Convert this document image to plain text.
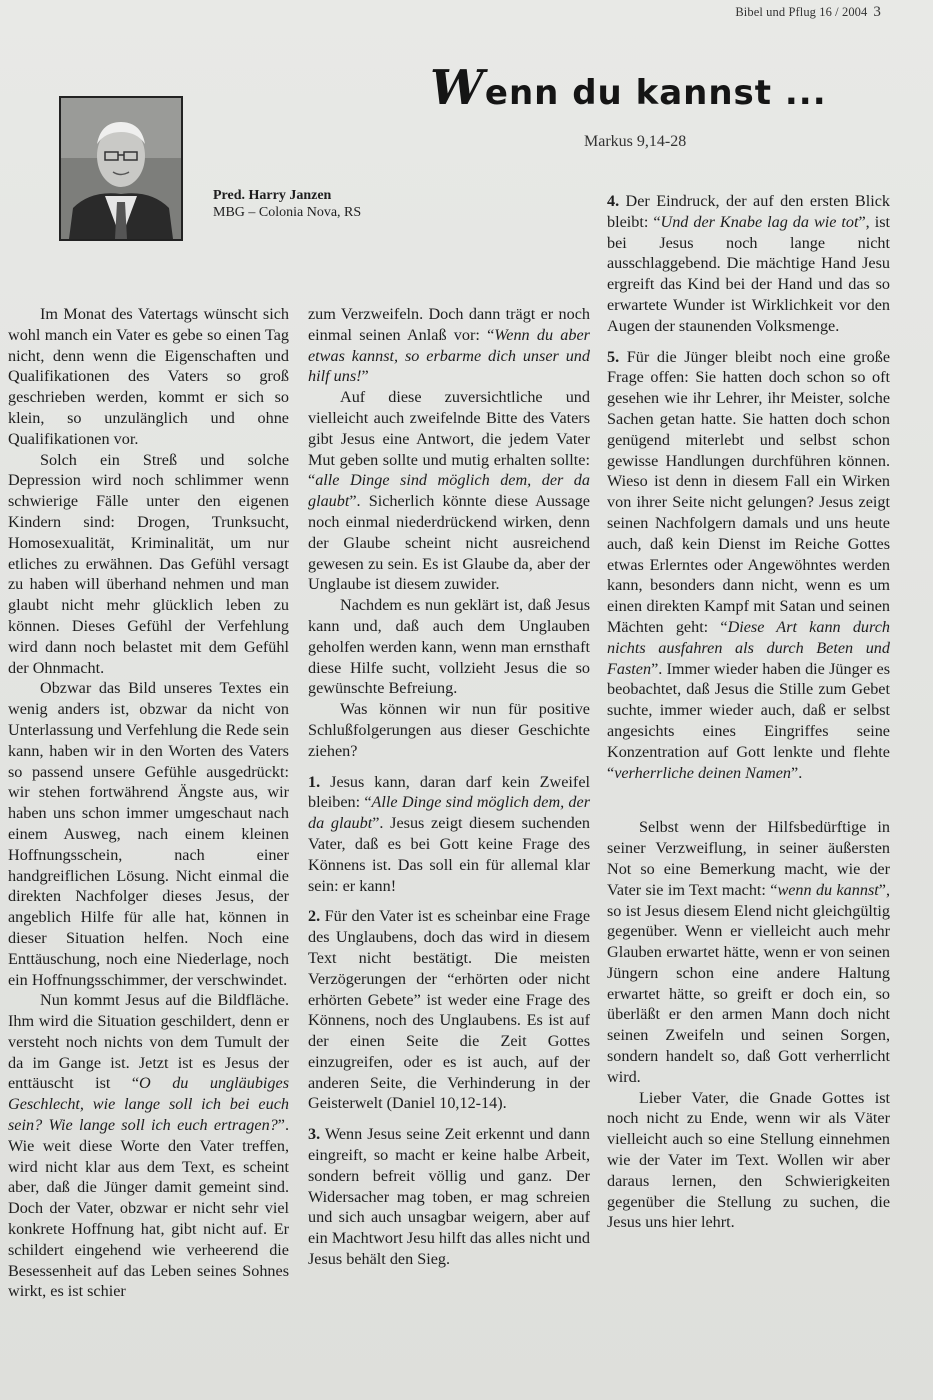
Bibel und Pflug 16 / 2004 3
Wenn du kannst ...
Markus 9,14-28
Pred. Harry Janzen
MBG – Colonia Nova, RS

Im Monat des Vatertags wünscht sich wohl manch ein Vater es gebe so einen Tag nicht, denn wenn die Eigenschaften und Qualifikationen des Vaters so groß geschrieben werden, kommt er sich so klein, so unzulänglich und ohne Qualifikationen vor.

Solch ein Streß und solche Depression wird noch schlimmer wenn schwierige Fälle unter den eigenen Kindern sind: Drogen, Trunksucht, Homosexualität, Kriminalität, um nur etliches zu erwähnen. Das Gefühl versagt zu haben will überhand nehmen und man glaubt nicht mehr glücklich leben zu können. Dieses Gefühl der Verfehlung wird dann noch belastet mit dem Gefühl der Ohnmacht.

Obzwar das Bild unseres Textes ein wenig anders ist, obzwar da nicht von Unterlassung und Verfehlung die Rede sein kann, haben wir in den Worten des Vaters so passend unsere Gefühle ausgedrückt: wir stehen fortwährend Ängste aus, wir haben uns schon immer umgeschaut nach einem Ausweg, nach einem kleinen Hoffnungsschein, nach einer handgreiflichen Lösung. Nicht einmal die direkten Nachfolger dieses Jesus, der angeblich Hilfe für alle hat, können in dieser Situation helfen. Noch eine Enttäuschung, noch eine Niederlage, noch ein Hoffnungsschimmer, der verschwindet.

Nun kommt Jesus auf die Bildfläche. Ihm wird die Situation geschildert, denn er versteht noch nichts von dem Tumult der da im Gange ist. Jetzt ist es Jesus der enttäuscht ist “O du ungläubiges Geschlecht, wie lange soll ich bei euch sein? Wie lange soll ich euch ertragen?”. Wie weit diese Worte den Vater treffen, wird nicht klar aus dem Text, es scheint aber, daß die Jünger damit gemeint sind. Doch der Vater, obzwar er nicht sehr viel konkrete Hoffnung hat, gibt nicht auf. Er schildert eingehend wie verheerend die Besessenheit auf das Leben seines Sohnes wirkt, es ist schier

zum Verzweifeln. Doch dann trägt er noch einmal seinen Anlaß vor: “Wenn du aber etwas kannst, so erbarme dich unser und hilf uns!”

Auf diese zuversichtliche und vielleicht auch zweifelnde Bitte des Vaters gibt Jesus eine Antwort, die jedem Vater Mut geben sollte und mutig erhalten sollte: “alle Dinge sind möglich dem, der da glaubt”. Sicherlich könnte diese Aussage noch einmal niederdrückend wirken, denn der Glaube scheint nicht ausreichend gewesen zu sein. Es ist Glaube da, aber der Unglaube ist diesem zuwider.

Nachdem es nun geklärt ist, daß Jesus kann und, daß auch dem Unglauben geholfen werden kann, wenn man ernsthaft diese Hilfe sucht, vollzieht Jesus die so gewünschte Befreiung.

Was können wir nun für positive Schlußfolgerungen aus dieser Geschichte ziehen?

1. Jesus kann, daran darf kein Zweifel bleiben: “Alle Dinge sind möglich dem, der da glaubt”. Jesus zeigt diesem suchenden Vater, daß es bei Gott keine Frage des Könnens ist. Das soll ein für allemal klar sein: er kann!

2. Für den Vater ist es scheinbar eine Frage des Unglaubens, doch das wird in diesem Text nicht bestätigt. Die meisten Verzögerungen der “erhörten oder nicht erhörten Gebete” ist weder eine Frage des Könnens, noch des Unglaubens. Es ist auf der einen Seite die Zeit Gottes einzugreifen, oder es ist auch, auf der anderen Seite, die Verhinderung in der Geisterwelt (Daniel 10,12-14).

3. Wenn Jesus seine Zeit erkennt und dann eingreift, so macht er keine halbe Arbeit, sondern befreit völlig und ganz. Der Widersacher mag toben, er mag schreien und sich auch unsagbar weigern, aber auf ein Machtwort Jesu hilft das alles nicht und Jesus behält den Sieg.

4. Der Eindruck, der auf den ersten Blick bleibt: “Und der Knabe lag da wie tot”, ist bei Jesus noch lange nicht ausschlaggebend. Die mächtige Hand Jesu ergreift das Kind bei der Hand und das so erwartete Wunder ist Wirklichkeit vor den Augen der staunenden Volksmenge.

5. Für die Jünger bleibt noch eine große Frage offen: Sie hatten doch schon so oft gesehen wie ihr Lehrer, ihr Meister, solche Sachen getan hatte. Sie hatten doch schon genügend miterlebt und selbst schon gewisse Handlungen durchführen können. Wieso ist denn in diesem Fall ein Wirken von ihrer Seite nicht gelungen? Jesus zeigt seinen Nachfolgern damals und uns heute auch, daß kein Dienst im Reiche Gottes etwas Erlerntes oder Angewöhntes werden kann, besonders dann nicht, wenn es um einen direkten Kampf mit Satan und seinen Mächten geht: “Diese Art kann durch nichts ausfahren als durch Beten und Fasten”. Immer wieder haben die Jünger es beobachtet, daß Jesus die Stille zum Gebet suchte, immer wieder auch, daß er selbst angesichts eines Eingriffes seine Konzentration auf Gott lenkte und flehte “verherrliche deinen Namen”.

Selbst wenn der Hilfsbedürftige in seiner Verzweiflung, in seiner äußersten Not so eine Bemerkung macht, wie der Vater sie im Text macht: “wenn du kannst”, so ist Jesus diesem Elend nicht gleichgültig gegenüber. Wenn er vielleicht auch mehr Glauben erwartet hätte, wenn er von seinen Jüngern schon eine andere Haltung erwartet hätte, so greift er doch ein, so überläßt er den armen Mann doch nicht seinen Zweifeln und seinen Sorgen, sondern handelt so, daß Gott verherrlicht wird.

Lieber Vater, die Gnade Gottes ist noch nicht zu Ende, wenn wir als Väter vielleicht auch so eine Stellung einnehmen wie der Vater im Text. Wollen wir aber daraus lernen, den Schwierigkeiten gegenüber die Stellung zu suchen, die Jesus uns hier lehrt.
